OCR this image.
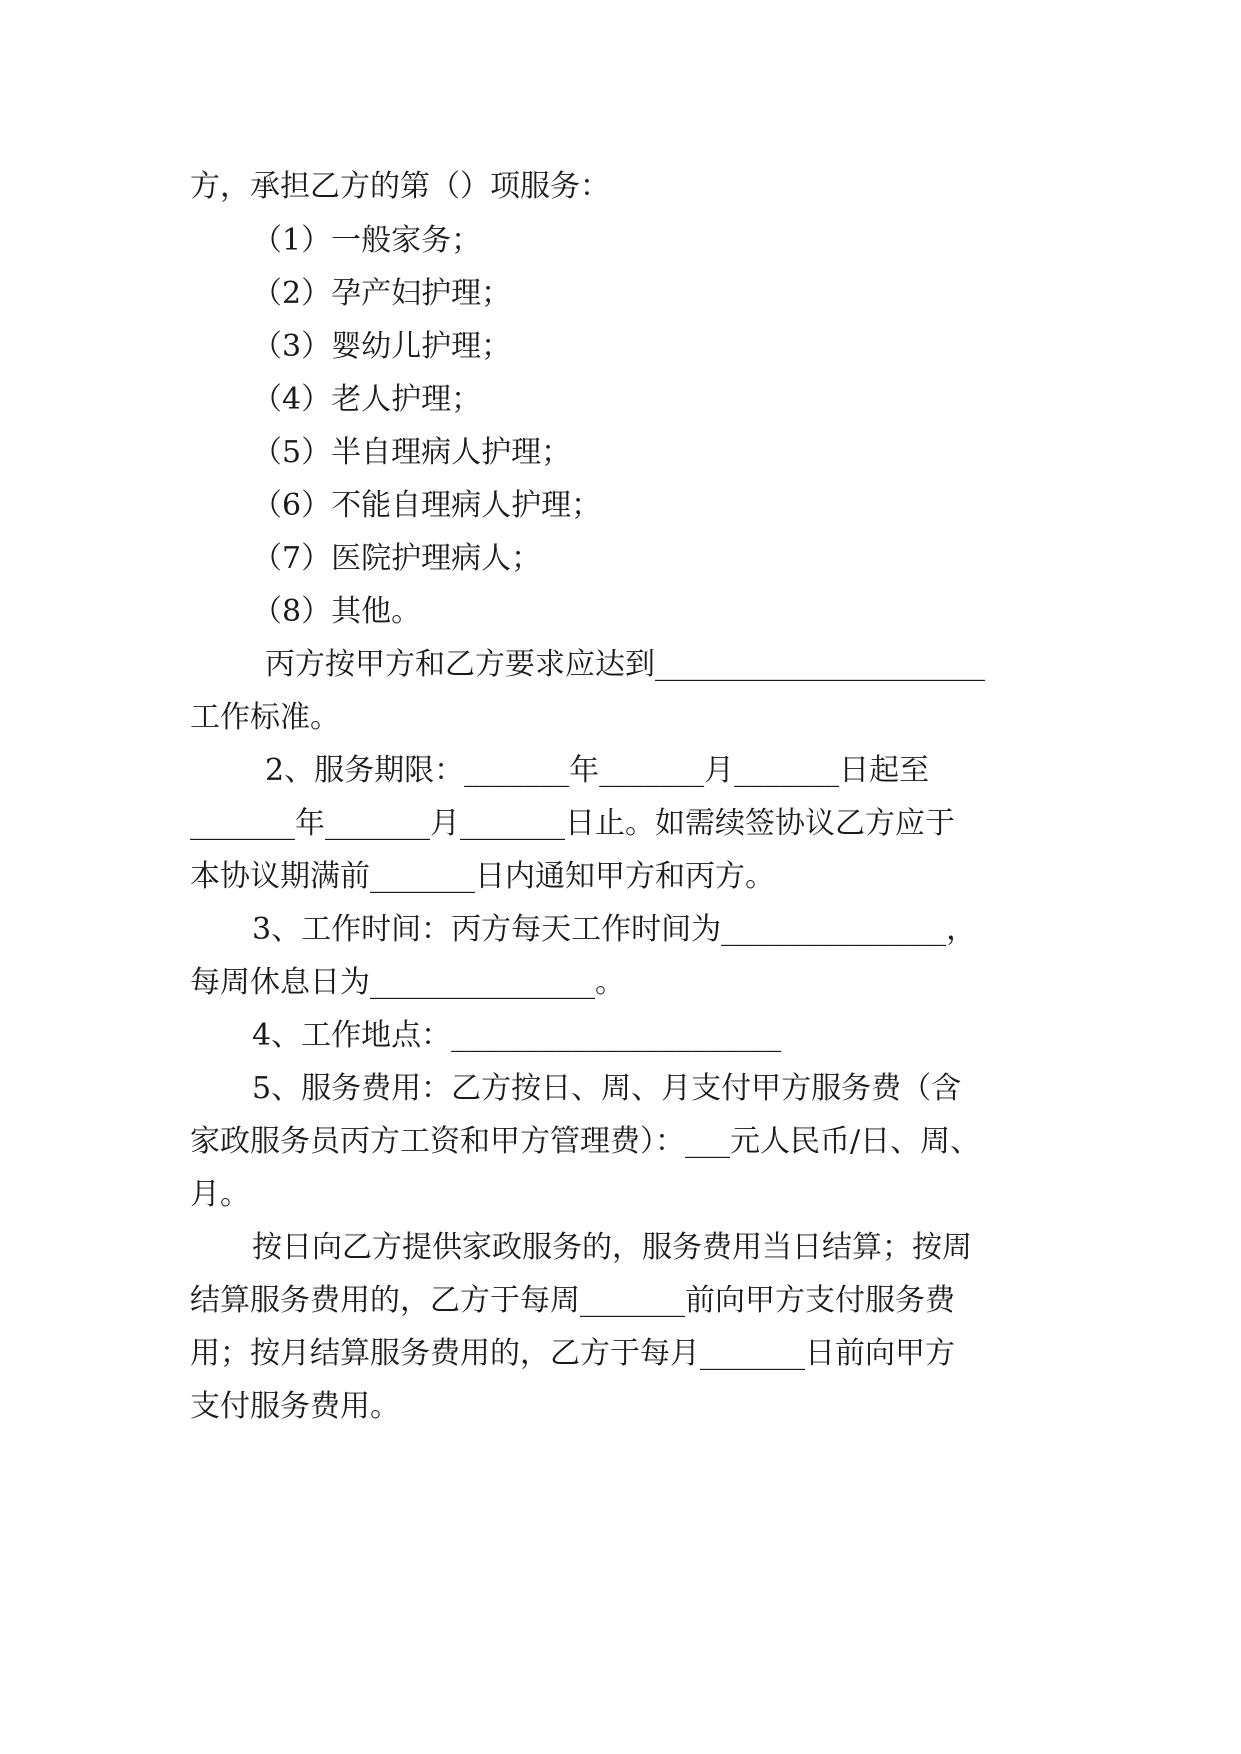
方，承担乙方的第（）项服务：

（1）一般家务；

（2）孕产妇护理；

（3）婴幼儿护理；

（4）老人护理；

（5）半自理病人护理；

（6）不能自理病人护理；

（7）医院护理病人；

（8）其他。

丙方按甲方和乙方要求应达到______________________

工作标准。

2、服务期限：_______年_______月_______日起至

_______年_______月_______日止。如需续签协议乙方应于

本协议期满前_______日内通知甲方和丙方。

3、工作时间：丙方每天工作时间为_______________，

每周休息日为_______________。

4、工作地点：______________________

5、服务费用：乙方按日、周、月支付甲方服务费（含

家政服务员丙方工资和甲方管理费）：___元人民币/日、周、

月。

按日向乙方提供家政服务的，服务费用当日结算；按周

结算服务费用的，乙方于每周_______前向甲方支付服务费

用；按月结算服务费用的，乙方于每月_______日前向甲方

支付服务费用。
